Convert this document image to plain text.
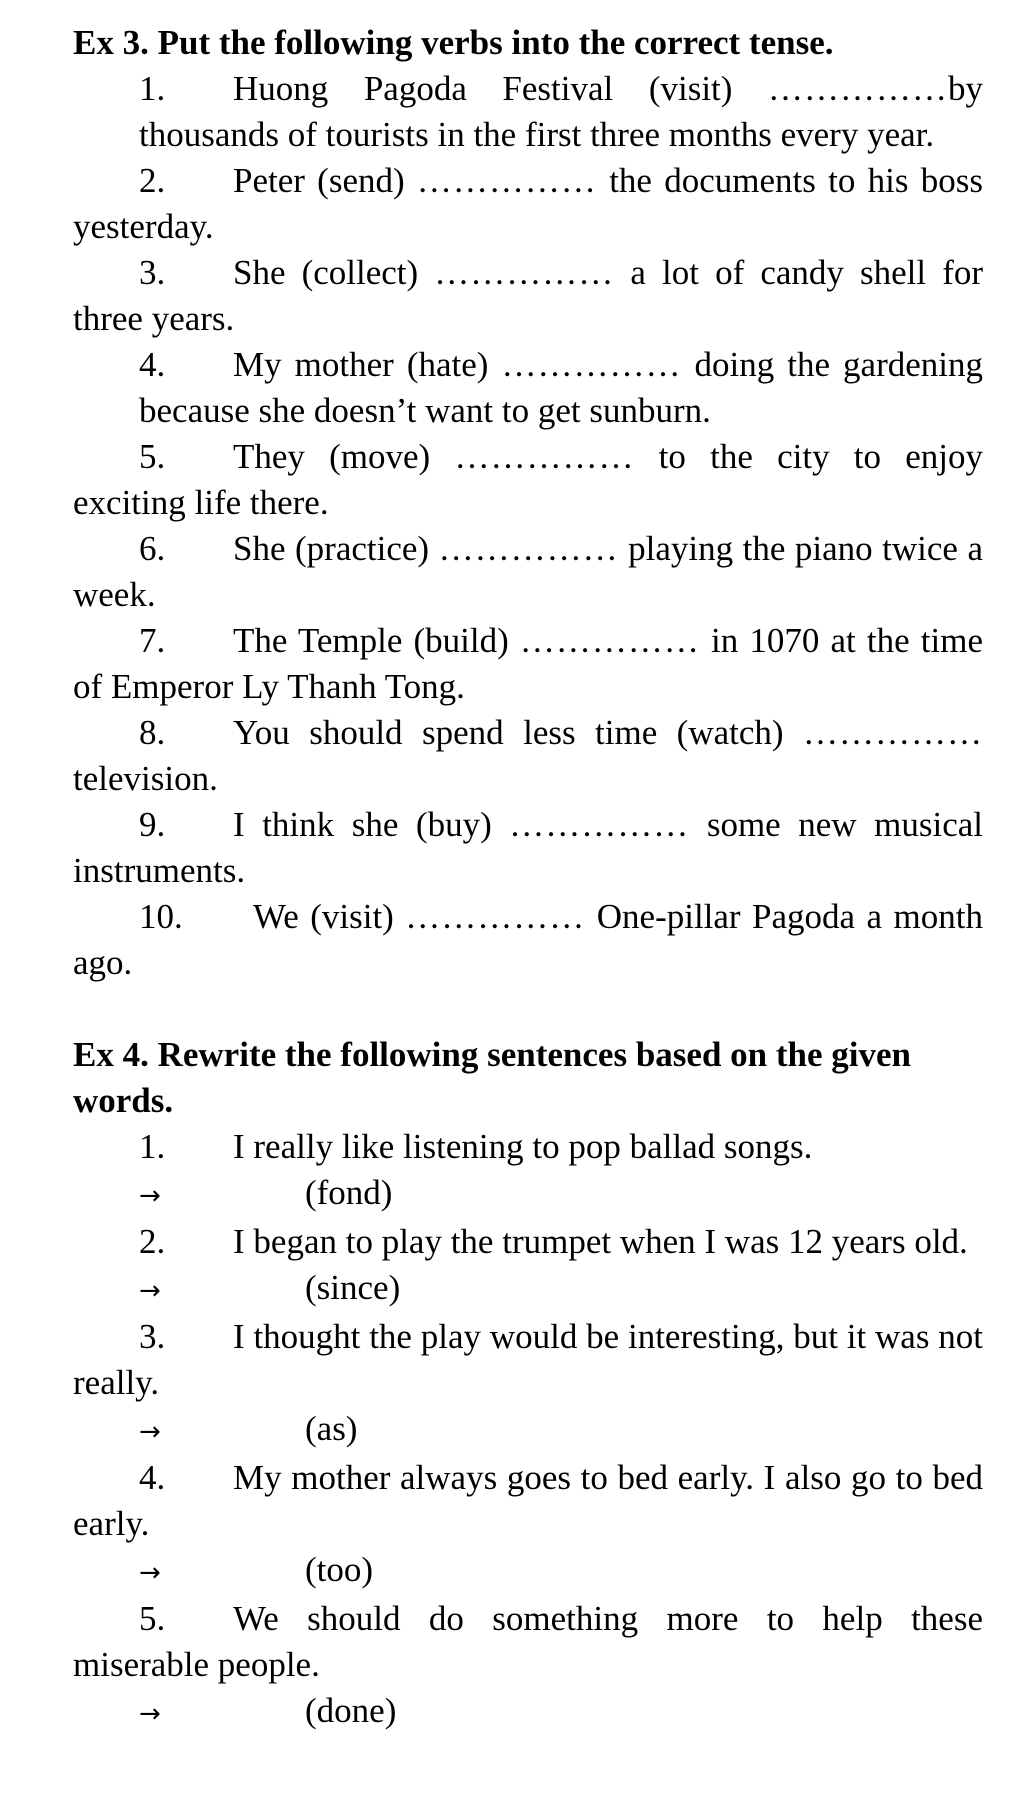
Ex 3. Put the following verbs into the correct tense.
1. Huong Pagoda Festival (visit) ……………by thousands of tourists in the first three months every year.
2. Peter (send) …………… the documents to his boss yesterday.
3. She (collect) …………… a lot of candy shell for three years.
4. My mother (hate) …………… doing the gardening because she doesn’t want to get sunburn.
5. They (move) …………… to the city to enjoy exciting life there.
6. She (practice) …………… playing the piano twice a week.
7. The Temple (build) …………… in 1070 at the time of Emperor Ly Thanh Tong.
8. You should spend less time (watch) …………… television.
9. I think she (buy) …………… some new musical instruments.
10. We (visit) …………… One-pillar Pagoda a month ago.
Ex 4. Rewrite the following sentences based on the given words.
1. I really like listening to pop ballad songs.
→	(fond)
2. I began to play the trumpet when I was 12 years old.
→	(since)
3. I thought the play would be interesting, but it was not really.
→	(as)
4. My mother always goes to bed early. I also go to bed early.
→	(too)
5. We should do something more to help these miserable people.
→	(done)
